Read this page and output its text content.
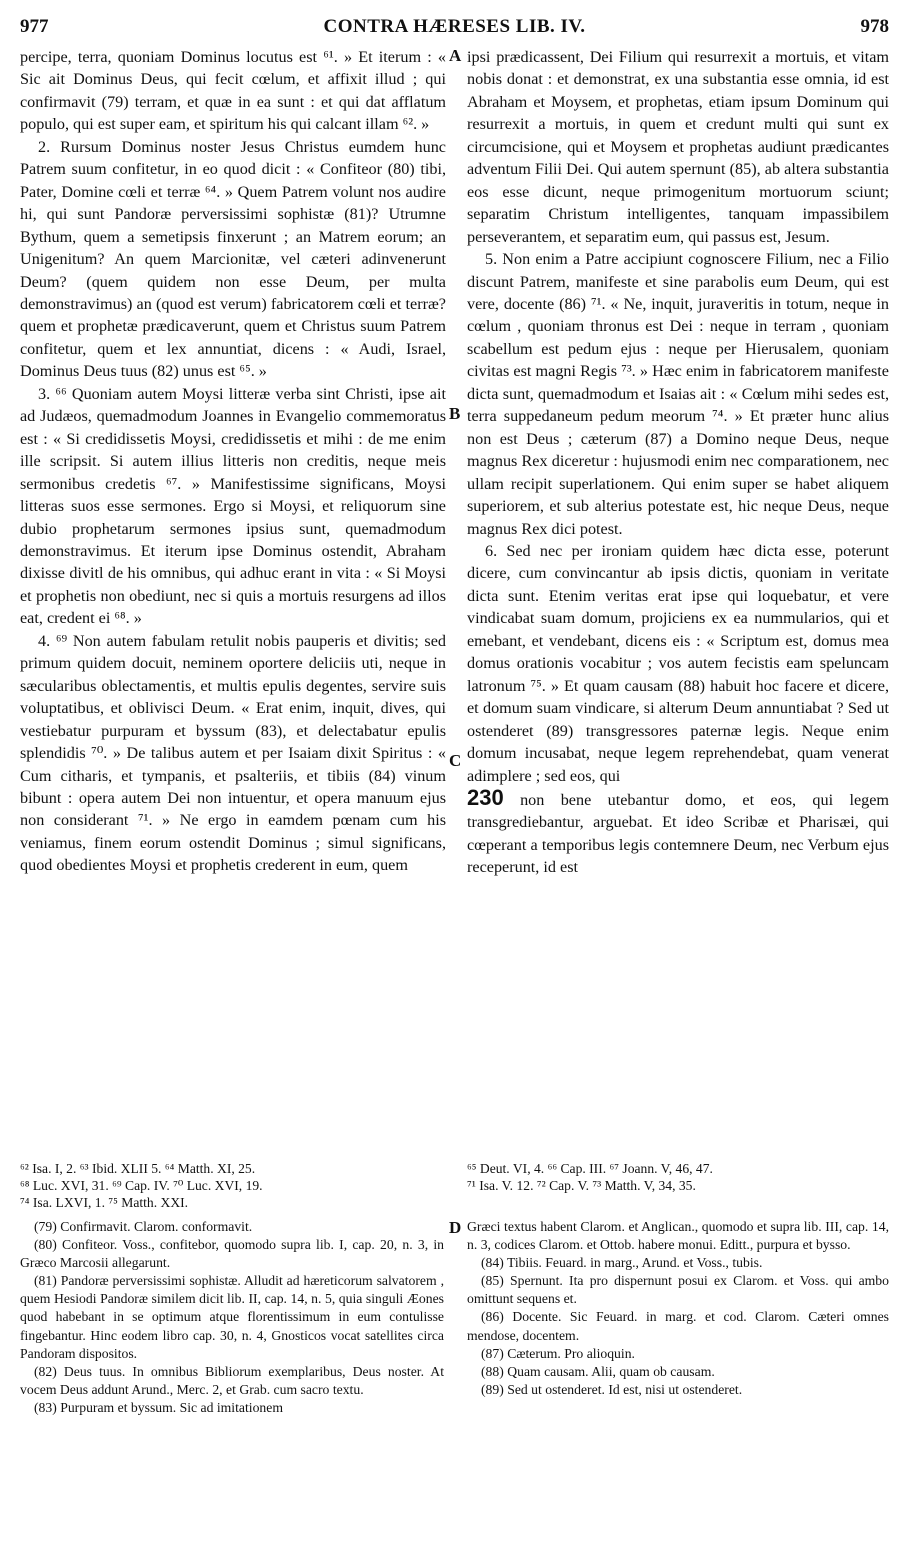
977	CONTRA HÆRESES LIB. IV.	978

percipe, terra, quoniam Dominus locutus est ⁶¹. » Et iterum : « Sic ait Dominus Deus, qui fecit cœlum, et affixit illud ; qui confirmavit (79) terram, et quæ in ea sunt : et qui dat afflatum populo, qui est super eam, et spiritum his qui calcant illam ⁶². »

2. Rursum Dominus noster Jesus Christus eumdem hunc Patrem suum confitetur, in eo quod dicit : « Confiteor (80) tibi, Pater, Domine cœli et terræ ⁶⁴. » Quem Patrem volunt nos audire hi, qui sunt Pandoræ perversissimi sophistæ (81)? Utrumne Bythum, quem a semetipsis finxerunt ; an Matrem eorum; an Unigenitum? An quem Marcionitæ, vel cæteri adinvenerunt Deum? (quem quidem non esse Deum, per multa demonstravimus) an (quod est verum) fabricatorem cœli et terræ? quem et prophetæ prædicaverunt, quem et Christus suum Patrem confitetur, quem et lex annuntiat, dicens : « Audi, Israel, Dominus Deus tuus (82) unus est ⁶⁵. »

3. ⁶⁶ Quoniam autem Moysi litteræ verba sint Christi, ipse ait ad Judæos, quemadmodum Joannes in Evangelio commemoratus est : « Si credidissetis Moysi, credidissetis et mihi : de me enim ille scripsit. Si autem illius litteris non creditis, neque meis sermonibus credetis ⁶⁷. » Manifestissime significans, Moysi litteras suos esse sermones. Ergo si Moysi, et reliquorum sine dubio prophetarum sermones ipsius sunt, quemadmodum demonstravimus. Et iterum ipse Dominus ostendit, Abraham dixisse divitl de his omnibus, qui adhuc erant in vita : « Si Moysi et prophetis non obediunt, nec si quis a mortuis resurgens ad illos eat, credent ei ⁶⁸. »

4. ⁶⁹ Non autem fabulam retulit nobis pauperis et divitis; sed primum quidem docuit, neminem oportere deliciis uti, neque in sæcularibus oblectamentis, et multis epulis degentes, servire suis voluptatibus, et oblivisci Deum. « Erat enim, inquit, dives, qui vestiebatur purpuram et byssum (83), et delectabatur epulis splendidis ⁷⁰. » De talibus autem et per Isaiam dixit Spiritus : « Cum citharis, et tympanis, et psalteriis, et tibiis (84) vinum bibunt : opera autem Dei non intuentur, et opera manuum ejus non considerant ⁷¹. » Ne ergo in eamdem pœnam cum his veniamus, finem eorum ostendit Dominus ; simul significans, quod obedientes Moysi et prophetis crederent in eum, quem

A
B
C
D

ipsi prædicassent, Dei Filium qui resurrexit a mortuis, et vitam nobis donat : et demonstrat, ex una substantia esse omnia, id est Abraham et Moysem, et prophetas, etiam ipsum Dominum qui resurrexit a mortuis, in quem et credunt multi qui sunt ex circumcisione, qui et Moysem et prophetas audiunt prædicantes adventum Filii Dei. Qui autem spernunt (85), ab altera substantia eos esse dicunt, neque primogenitum mortuorum sciunt; separatim Christum intelligentes, tanquam impassibilem perseverantem, et separatim eum, qui passus est, Jesum.

5. Non enim a Patre accipiunt cognoscere Filium, nec a Filio discunt Patrem, manifeste et sine parabolis eum Deum, qui est vere, docente (86) ⁷¹. « Ne, inquit, juraveritis in totum, neque in cœlum , quoniam thronus est Dei : neque in terram , quoniam scabellum est pedum ejus : neque per Hierusalem, quoniam civitas est magni Regis ⁷³. » Hæc enim in fabricatorem manifeste dicta sunt, quemadmodum et Isaias ait : « Cœlum mihi sedes est, terra suppedaneum pedum meorum ⁷⁴. » Et præter hunc alius non est Deus ; cæterum (87) a Domino neque Deus, neque magnus Rex diceretur : hujusmodi enim nec comparationem, nec ullam recipit superlationem. Qui enim super se habet aliquem superiorem, et sub alterius potestate est, hic neque Deus, neque magnus Rex dici potest.

6. Sed nec per ironiam quidem hæc dicta esse, poterunt dicere, cum convincantur ab ipsis dictis, quoniam in veritate dicta sunt. Etenim veritas erat ipse qui loquebatur, et vere vindicabat suam domum, projiciens ex ea nummularios, qui et emebant, et vendebant, dicens eis : « Scriptum est, domus mea domus orationis vocabitur ; vos autem fecistis eam speluncam latronum ⁷⁵. » Et quam causam (88) habuit hoc facere et dicere, et domum suam vindicare, si alterum Deum annuntiabat ? Sed ut ostenderet (89) transgressores paternæ legis. Neque enim domum incusabat, neque legem reprehendebat, quam venerat adimplere ; sed eos, qui

230 non bene utebantur domo, et eos, qui legem transgrediebantur, arguebat. Et ideo Scribæ et Pharisæi, qui cœperant a temporibus legis contemnere Deum, nec Verbum ejus receperunt, id est

⁶² Isa. I, 2. ⁶³ Ibid. XLII 5. ⁶⁴ Matth. XI, 25.

⁶⁸ Luc. XVI, 31. ⁶⁹ Cap. IV. ⁷⁰ Luc. XVI, 19.

⁷⁴ Isa. LXVI, 1. ⁷⁵ Matth. XXI.

⁶⁵ Deut. VI, 4. ⁶⁶ Cap. III. ⁶⁷ Joann. V, 46, 47.

⁷¹ Isa. V. 12. ⁷² Cap. V. ⁷³ Matth. V, 34, 35.

(79) Confirmavit. Clarom. conformavit.

(80) Confiteor. Voss., confitebor, quomodo supra lib. I, cap. 20, n. 3, in Græco Marcosii allegarunt.

(81) Pandoræ perversissimi sophistæ. Alludit ad hæreticorum salvatorem , quem Hesiodi Pandoræ similem dicit lib. II, cap. 14, n. 5, quia singuli Æones quod habebant in se optimum atque florentissimum in eum contulisse fingebantur. Hinc eodem libro cap. 30, n. 4, Gnosticos vocat satellites circa Pandoram dispositos.

(82) Deus tuus. In omnibus Bibliorum exemplaribus, Deus noster. At vocem Deus addunt Arund., Merc. 2, et Grab. cum sacro textu.

(83) Purpuram et byssum. Sic ad imitationem

Græci textus habent Clarom. et Anglican., quomodo et supra lib. III, cap. 14, n. 3, codices Clarom. et Ottob. habere monui. Editt., purpura et bysso.

(84) Tibiis. Feuard. in marg., Arund. et Voss., tubis.

(85) Spernunt. Ita pro dispernunt posui ex Clarom. et Voss. qui ambo omittunt sequens et.

(86) Docente. Sic Feuard. in marg. et cod. Clarom. Cæteri omnes mendose, docentem.

(87) Cæterum. Pro alioquin.

(88) Quam causam. Alii, quam ob causam.

(89) Sed ut ostenderet. Id est, nisi ut ostenderet.
